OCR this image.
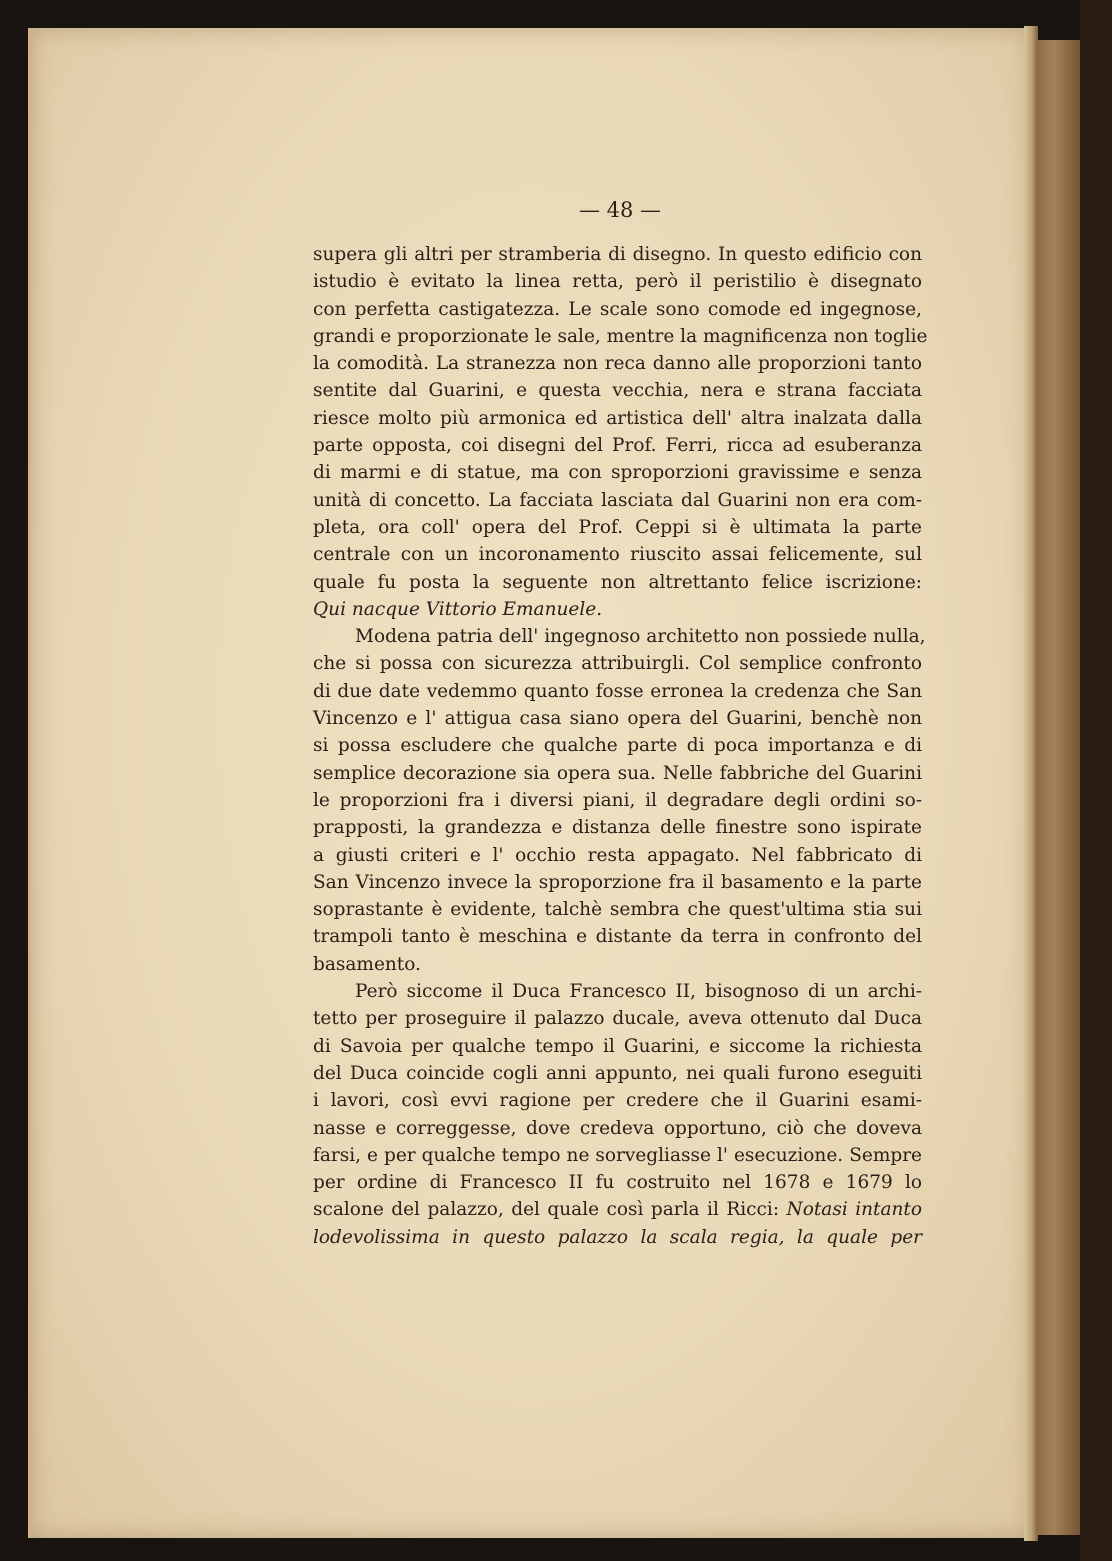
— 48 —
supera gli altri per stramberia di disegno. In questo edificio con
istudio è evitato la linea retta, però il peristilio è disegnato
con perfetta castigatezza. Le scale sono comode ed ingegnose,
grandi e proporzionate le sale, mentre la magnificenza non toglie
la comodità. La stranezza non reca danno alle proporzioni tanto
sentite dal Guarini, e questa vecchia, nera e strana facciata
riesce molto più armonica ed artistica dell' altra inalzata dalla
parte opposta, coi disegni del Prof. Ferri, ricca ad esuberanza
di marmi e di statue, ma con sproporzioni gravissime e senza
unità di concetto. La facciata lasciata dal Guarini non era com-
pleta, ora coll' opera del Prof. Ceppi si è ultimata la parte
centrale con un incoronamento riuscito assai felicemente, sul
quale fu posta la seguente non altrettanto felice iscrizione:
Qui nacque Vittorio Emanuele.
Modena patria dell' ingegnoso architetto non possiede nulla,
che si possa con sicurezza attribuirgli. Col semplice confronto
di due date vedemmo quanto fosse erronea la credenza che San
Vincenzo e l' attigua casa siano opera del Guarini, benchè non
si possa escludere che qualche parte di poca importanza e di
semplice decorazione sia opera sua. Nelle fabbriche del Guarini
le proporzioni fra i diversi piani, il degradare degli ordini so-
prapposti, la grandezza e distanza delle finestre sono ispirate
a giusti criteri e l' occhio resta appagato. Nel fabbricato di
San Vincenzo invece la sproporzione fra il basamento e la parte
soprastante è evidente, talchè sembra che quest'ultima stia sui
trampoli tanto è meschina e distante da terra in confronto del
basamento.
Però siccome il Duca Francesco II, bisognoso di un archi-
tetto per proseguire il palazzo ducale, aveva ottenuto dal Duca
di Savoia per qualche tempo il Guarini, e siccome la richiesta
del Duca coincide cogli anni appunto, nei quali furono eseguiti
i lavori, così evvi ragione per credere che il Guarini esami-
nasse e correggesse, dove credeva opportuno, ciò che doveva
farsi, e per qualche tempo ne sorvegliasse l' esecuzione. Sempre
per ordine di Francesco II fu costruito nel 1678 e 1679 lo
scalone del palazzo, del quale così parla il Ricci: Notasi intanto
lodevolissima in questo palazzo la scala regia, la quale per
